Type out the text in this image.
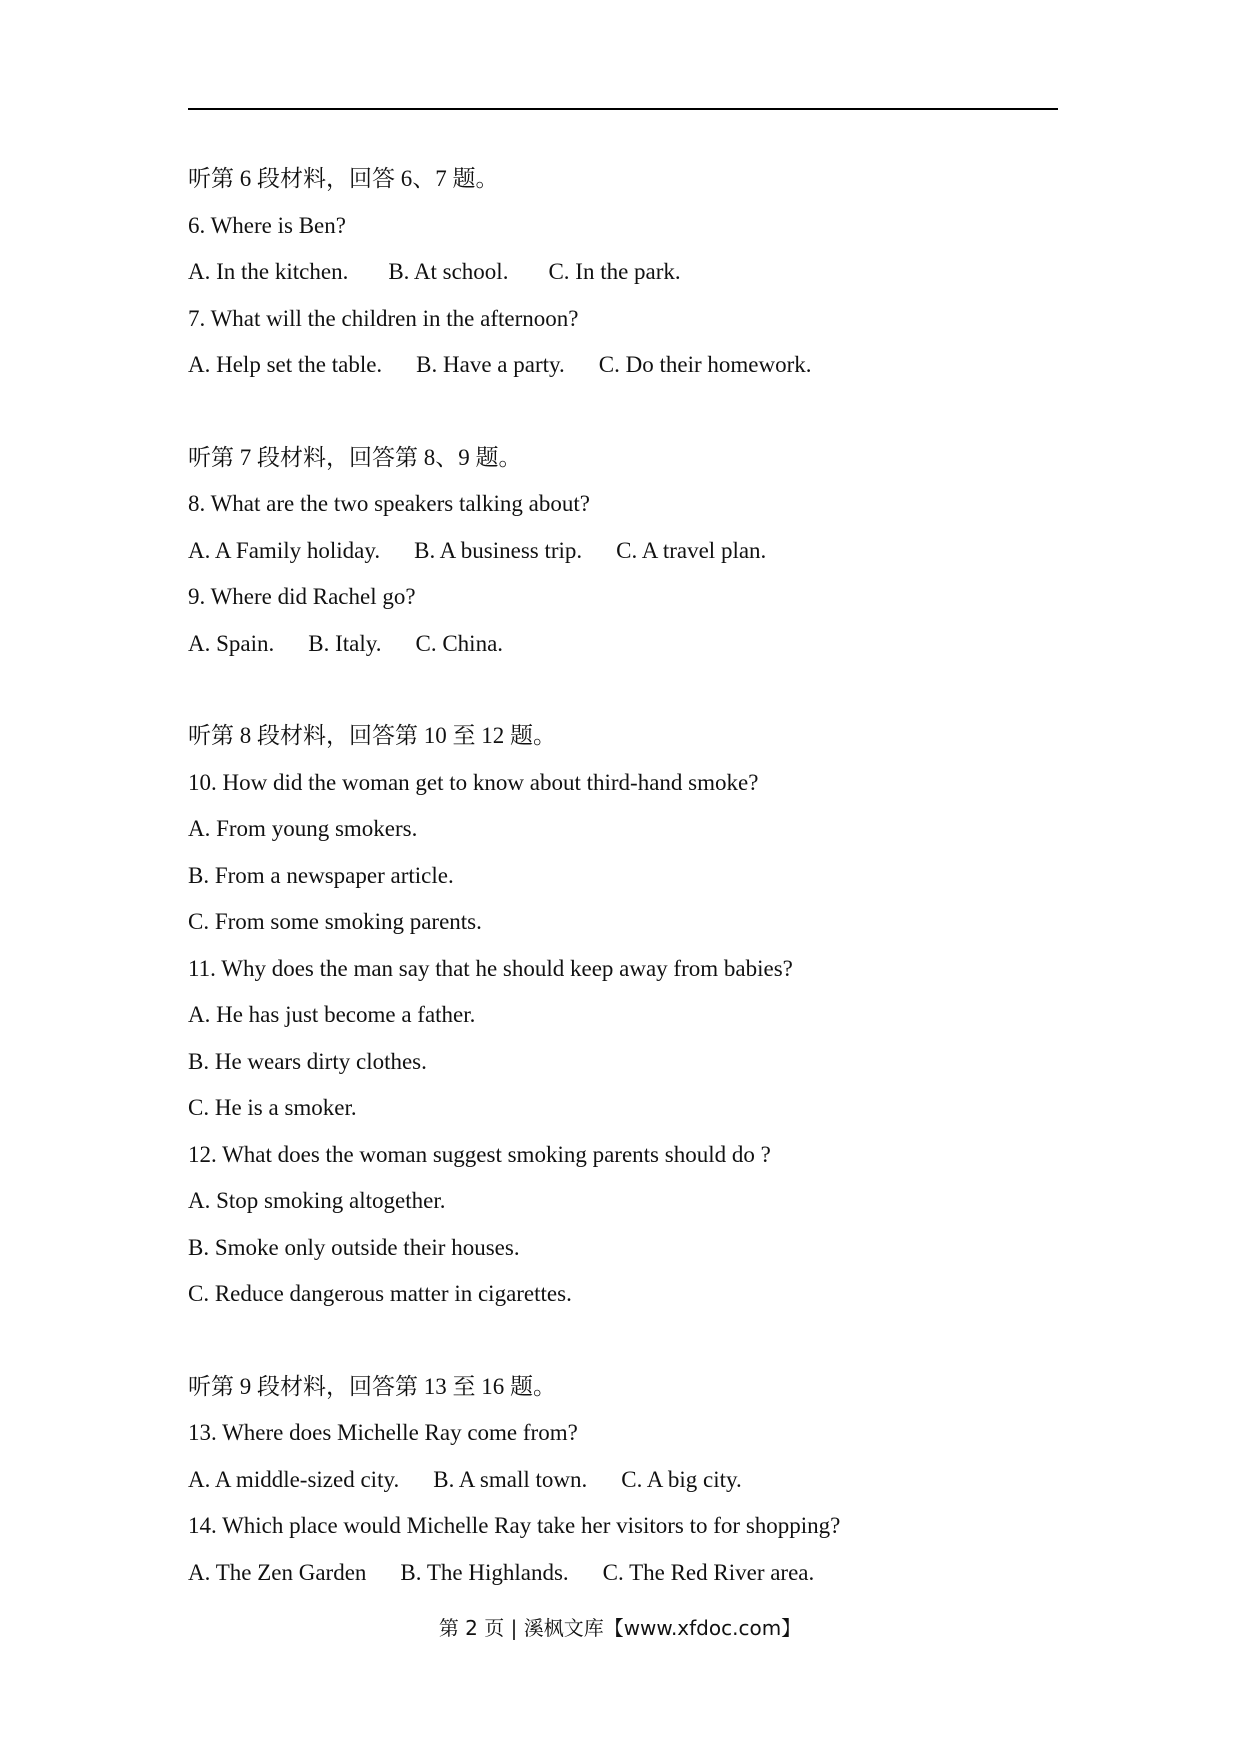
听第 6 段材料，回答 6、7 题。
6. Where is Ben?
A. In the kitchen. B. At school. C. In the park.
7. What will the children in the afternoon?
A. Help set the table. B. Have a party. C. Do their homework.
听第 7 段材料，回答第 8、9 题。
8. What are the two speakers talking about?
A. A Family holiday. B. A business trip. C. A travel plan.
9. Where did Rachel go?
A. Spain. B. Italy. C. China.
听第 8 段材料，回答第 10 至 12 题。
10. How did the woman get to know about third-hand smoke?
A. From young smokers.
B. From a newspaper article.
C. From some smoking parents.
11. Why does the man say that he should keep away from babies?
A. He has just become a father.
B. He wears dirty clothes.
C. He is a smoker.
12. What does the woman suggest smoking parents should do ?
A. Stop smoking altogether.
B. Smoke only outside their houses.
C. Reduce dangerous matter in cigarettes.
听第 9 段材料，回答第 13 至 16 题。
13. Where does Michelle Ray come from?
A. A middle-sized city. B. A small town. C. A big city.
14. Which place would Michelle Ray take her visitors to for shopping?
A. The Zen Garden B. The Highlands. C. The Red River area.
第 2 页 | 溪枫文库【www.xfdoc.com】
